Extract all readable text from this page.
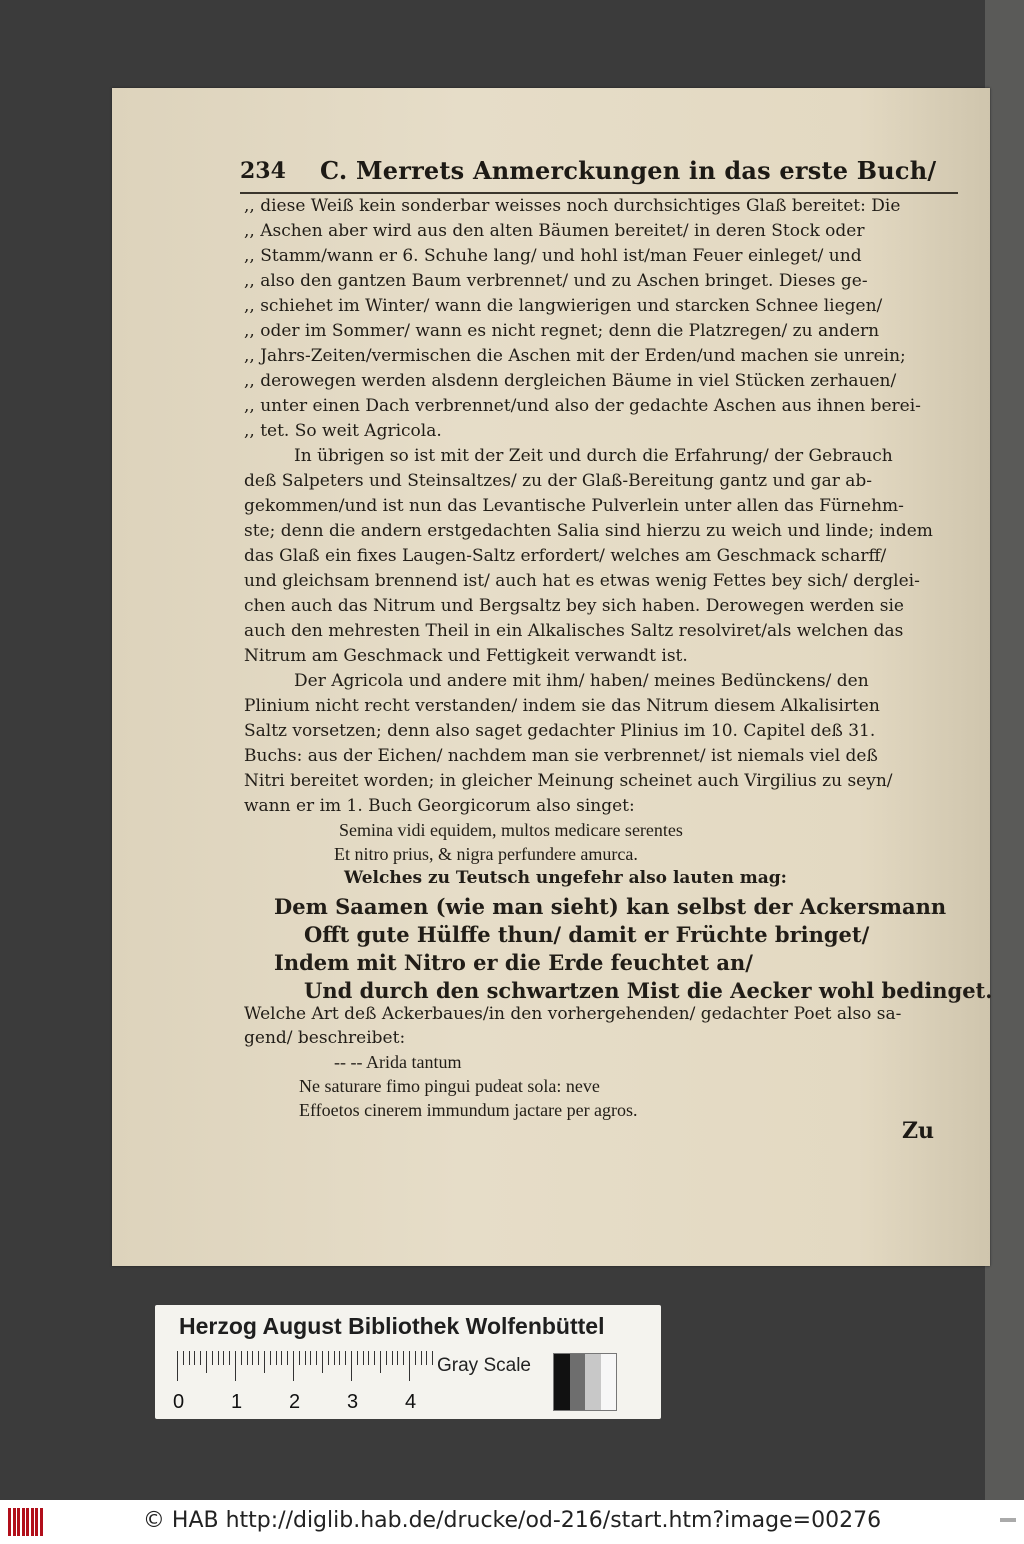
234 C. Merrets Anmerckungen in das erste Buch/
,, diese Weiß kein sonderbar weisses noch durchsichtiges Glaß bereitet: Die
,, Aschen aber wird aus den alten Bäumen bereitet/ in deren Stock oder
,, Stamm/wann er 6. Schuhe lang/ und hohl ist/man Feuer einleget/ und
,, also den gantzen Baum verbrennet/ und zu Aschen bringet. Dieses ge-
,, schiehet im Winter/ wann die langwierigen und starcken Schnee liegen/
,, oder im Sommer/ wann es nicht regnet; denn die Platzregen/ zu andern
,, Jahrs-Zeiten/vermischen die Aschen mit der Erden/und machen sie unrein;
,, derowegen werden alsdenn dergleichen Bäume in viel Stücken zerhauen/
,, unter einen Dach verbrennet/und also der gedachte Aschen aus ihnen berei-
,, tet. So weit Agricola.
In übrigen so ist mit der Zeit und durch die Erfahrung/ der Gebrauch
deß Salpeters und Steinsaltzes/ zu der Glaß-Bereitung gantz und gar ab-
gekommen/und ist nun das Levantische Pulverlein unter allen das Fürnehm-
ste; denn die andern erstgedachten Salia sind hierzu zu weich und linde; indem
das Glaß ein fixes Laugen-Saltz erfordert/ welches am Geschmack scharff/
und gleichsam brennend ist/ auch hat es etwas wenig Fettes bey sich/ derglei-
chen auch das Nitrum und Bergsaltz bey sich haben. Derowegen werden sie
auch den mehresten Theil in ein Alkalisches Saltz resolviret/als welchen das
Nitrum am Geschmack und Fettigkeit verwandt ist.
Der Agricola und andere mit ihm/ haben/ meines Bedünckens/ den
Plinium nicht recht verstanden/ indem sie das Nitrum diesem Alkalisirten
Saltz vorsetzen; denn also saget gedachter Plinius im 10. Capitel deß 31.
Buchs: aus der Eichen/ nachdem man sie verbrennet/ ist niemals viel deß
Nitri bereitet worden; in gleicher Meinung scheinet auch Virgilius zu seyn/
wann er im 1. Buch Georgicorum also singet:
Semina vidi equidem, multos medicare serentes
Et nitro prius, & nigra perfundere amurca.
Welches zu Teutsch ungefehr also lauten mag:
Dem Saamen (wie man sieht) kan selbst der Ackersmann
Offt gute Hülffe thun/ damit er Früchte bringet/
Indem mit Nitro er die Erde feuchtet an/
Und durch den schwartzen Mist die Aecker wohl bedinget.
Welche Art deß Ackerbaues/in den vorhergehenden/ gedachter Poet also sa-
gend/ beschreibet:
-- -- Arida tantum
Ne saturare fimo pingui pudeat sola: neve
Effoetos cinerem immundum jactare per agros.
Zu
Herzog August Bibliothek Wolfenbüttel
0 1 2 3 4
Gray Scale
© HAB http://diglib.hab.de/drucke/od-216/start.htm?image=00276
